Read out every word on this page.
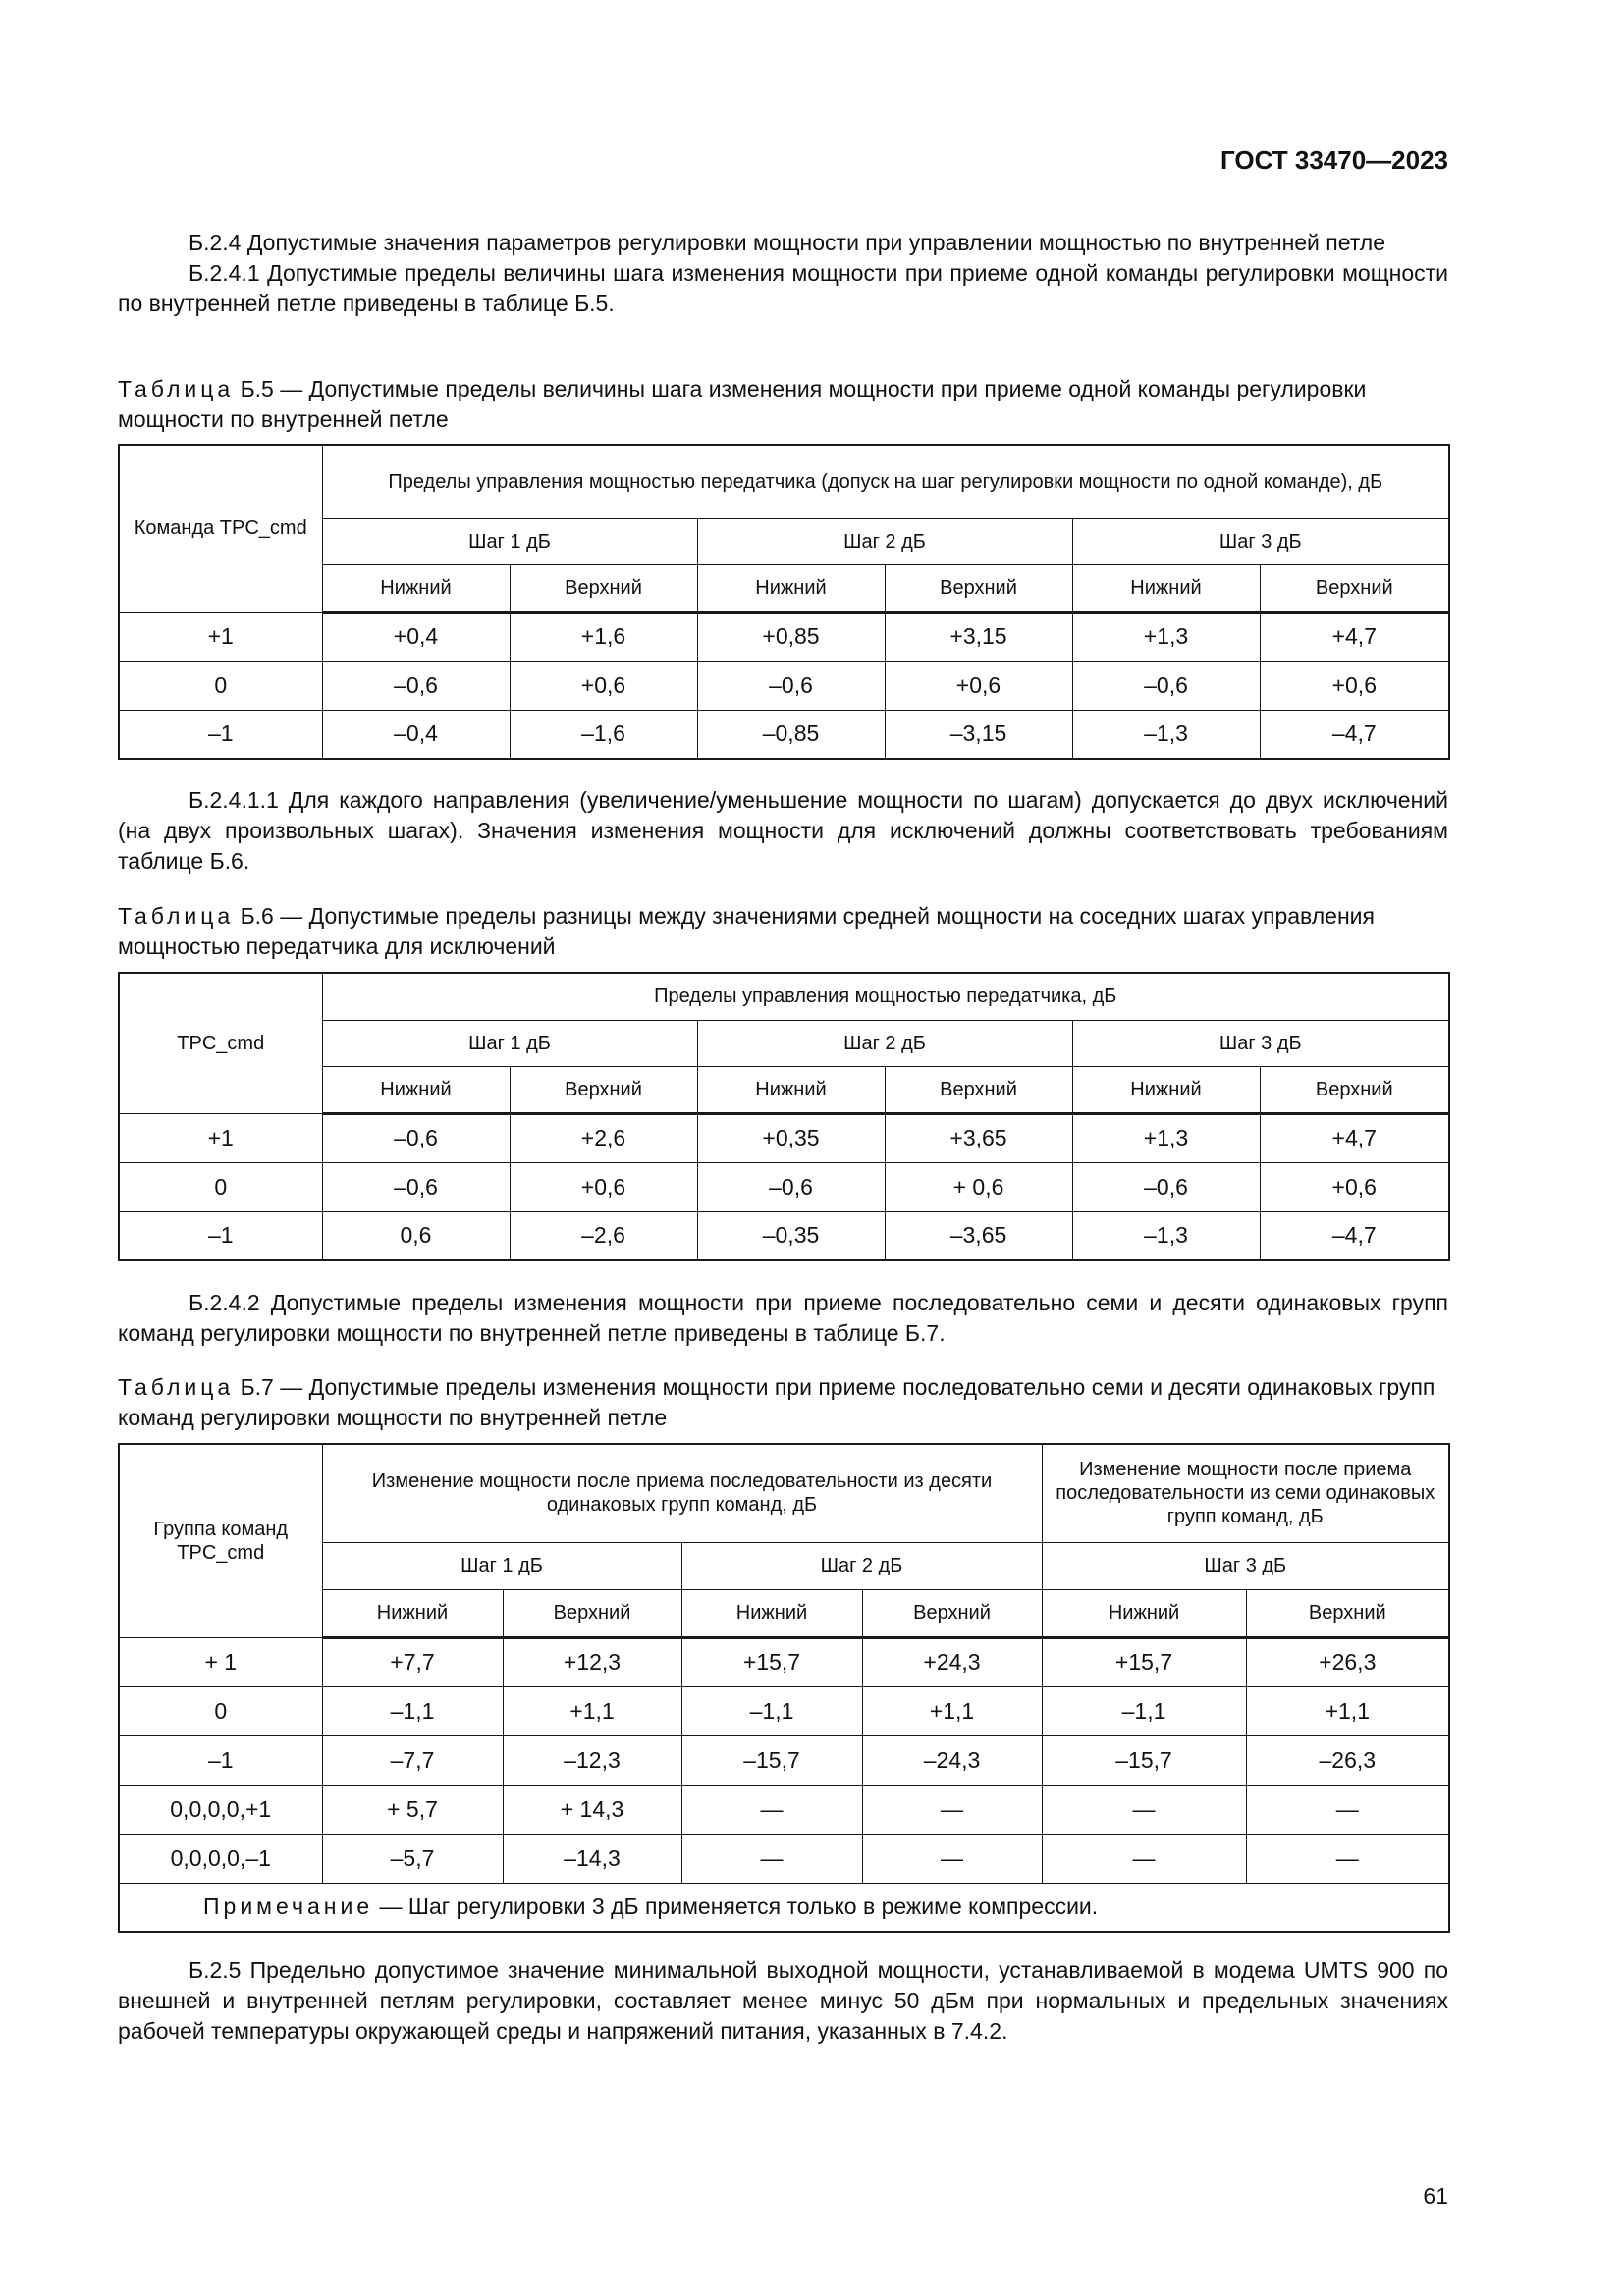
ГОСТ 33470—2023

Б.2.4 Допустимые значения параметров регулировки мощности при управлении мощностью по внутренней петле

Б.2.4.1 Допустимые пределы величины шага изменения мощности при приеме одной команды регулировки мощности по внутренней петле приведены в таблице Б.5.

Таблица Б.5 — Допустимые пределы величины шага изменения мощности при приеме одной команды регулировки мощности по внутренней петле

Команда TPC_cmd	Пределы управления мощностью передатчика (допуск на шаг регулировки мощности по одной команде), дБ					
	Шаг 1 дБ		Шаг 2 дБ		Шаг 3 дБ	
	Нижний	Верхний	Нижний	Верхний	Нижний	Верхний
+1	+0,4	+1,6	+0,85	+3,15	+1,3	+4,7
0	–0,6	+0,6	–0,6	+0,6	–0,6	+0,6
–1	–0,4	–1,6	–0,85	–3,15	–1,3	–4,7

Б.2.4.1.1 Для каждого направления (увеличение/уменьшение мощности по шагам) допускается до двух исключений (на двух произвольных шагах). Значения изменения мощности для исключений должны соответствовать требованиям таблице Б.6.

Таблица Б.6 — Допустимые пределы разницы между значениями средней мощности на соседних шагах управления мощностью передатчика для исключений

TPC_cmd	Пределы управления мощностью передатчика, дБ					
	Шаг 1 дБ		Шаг 2 дБ		Шаг 3 дБ	
	Нижний	Верхний	Нижний	Верхний	Нижний	Верхний
+1	–0,6	+2,6	+0,35	+3,65	+1,3	+4,7
0	–0,6	+0,6	–0,6	+ 0,6	–0,6	+0,6
–1	0,6	–2,6	–0,35	–3,65	–1,3	–4,7

Б.2.4.2 Допустимые пределы изменения мощности при приеме последовательно семи и десяти одинаковых групп команд регулировки мощности по внутренней петле приведены в таблице Б.7.

Таблица Б.7 — Допустимые пределы изменения мощности при приеме последовательно семи и десяти одинаковых групп команд регулировки мощности по внутренней петле

Группа команд TPC_cmd	Изменение мощности после приема последовательности из десяти одинаковых групп команд, дБ				Изменение мощности после приема последовательности из семи одинаковых групп команд, дБ	
	Шаг 1 дБ		Шаг 2 дБ		Шаг 3 дБ	
	Нижний	Верхний	Нижний	Верхний	Нижний	Верхний
+ 1	+7,7	+12,3	+15,7	+24,3	+15,7	+26,3
0	–1,1	+1,1	–1,1	+1,1	–1,1	+1,1
–1	–7,7	–12,3	–15,7	–24,3	–15,7	–26,3
0,0,0,0,+1	+ 5,7	+ 14,3	—	—	—	—
0,0,0,0,–1	–5,7	–14,3	—	—	—	—
Примечание — Шаг регулировки 3 дБ применяется только в режиме компрессии.						

Б.2.5 Предельно допустимое значение минимальной выходной мощности, устанавливаемой в модема UMTS 900 по внешней и внутренней петлям регулировки, составляет менее минус 50 дБм при нормальных и предельных значениях рабочей температуры окружающей среды и напряжений питания, указанных в 7.4.2.

61
